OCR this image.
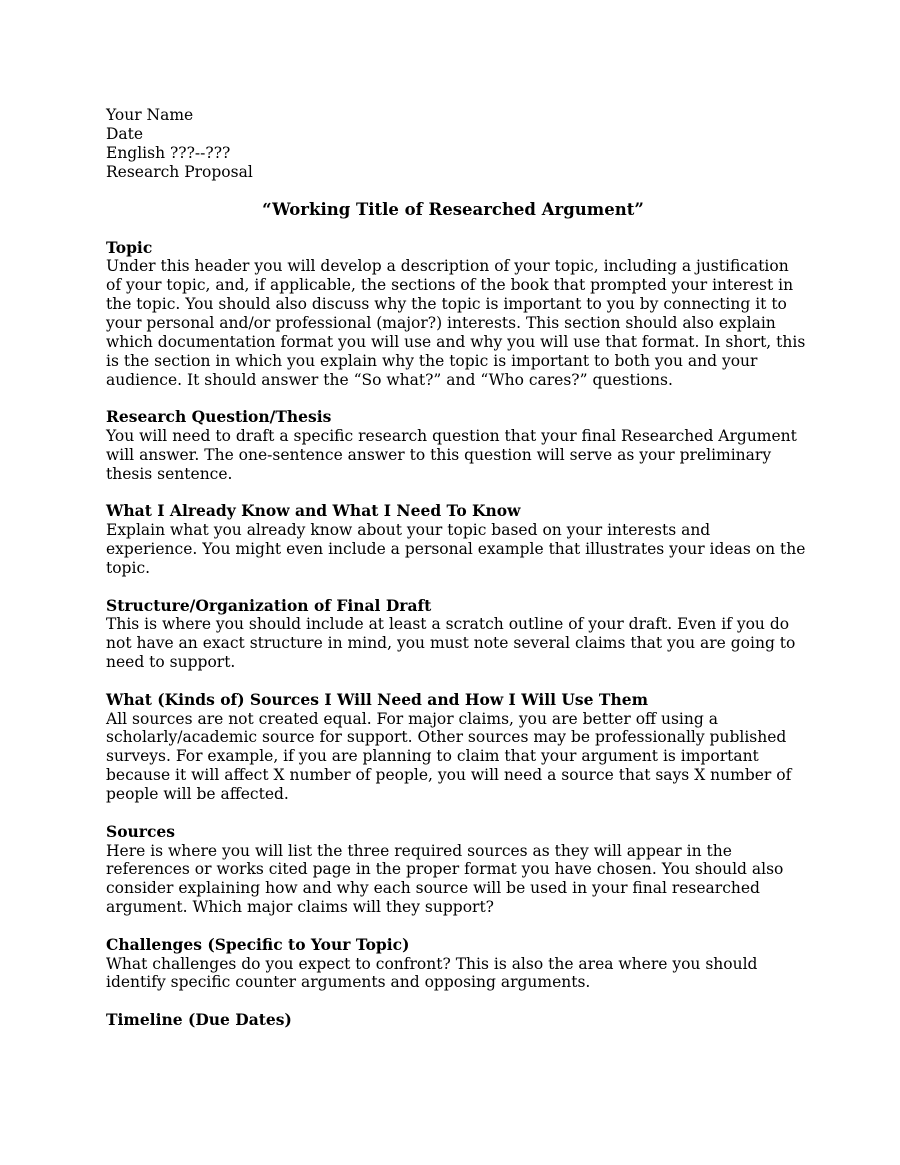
Your Name
Date
English ???--???
Research Proposal
“Working Title of Researched Argument”
Topic
Under this header you will develop a description of your topic, including a justification of your topic, and, if applicable, the sections of the book that prompted your interest in the topic. You should also discuss why the topic is important to you by connecting it to your personal and/or professional (major?) interests. This section should also explain which documentation format you will use and why you will use that format. In short, this is the section in which you explain why the topic is important to both you and your audience. It should answer the “So what?” and “Who cares?” questions.
Research Question/Thesis
You will need to draft a specific research question that your final Researched Argument will answer. The one-sentence answer to this question will serve as your preliminary thesis sentence.
What I Already Know and What I Need To Know
Explain what you already know about your topic based on your interests and experience. You might even include a personal example that illustrates your ideas on the topic.
Structure/Organization of Final Draft
This is where you should include at least a scratch outline of your draft. Even if you do not have an exact structure in mind, you must note several claims that you are going to need to support.
What (Kinds of) Sources I Will Need and How I Will Use Them
All sources are not created equal. For major claims, you are better off using a scholarly/academic source for support. Other sources may be professionally published surveys. For example, if you are planning to claim that your argument is important because it will affect X number of people, you will need a source that says X number of people will be affected.
Sources
Here is where you will list the three required sources as they will appear in the references or works cited page in the proper format you have chosen. You should also consider explaining how and why each source will be used in your final researched argument. Which major claims will they support?
Challenges (Specific to Your Topic)
What challenges do you expect to confront? This is also the area where you should identify specific counter arguments and opposing arguments.
Timeline (Due Dates)
